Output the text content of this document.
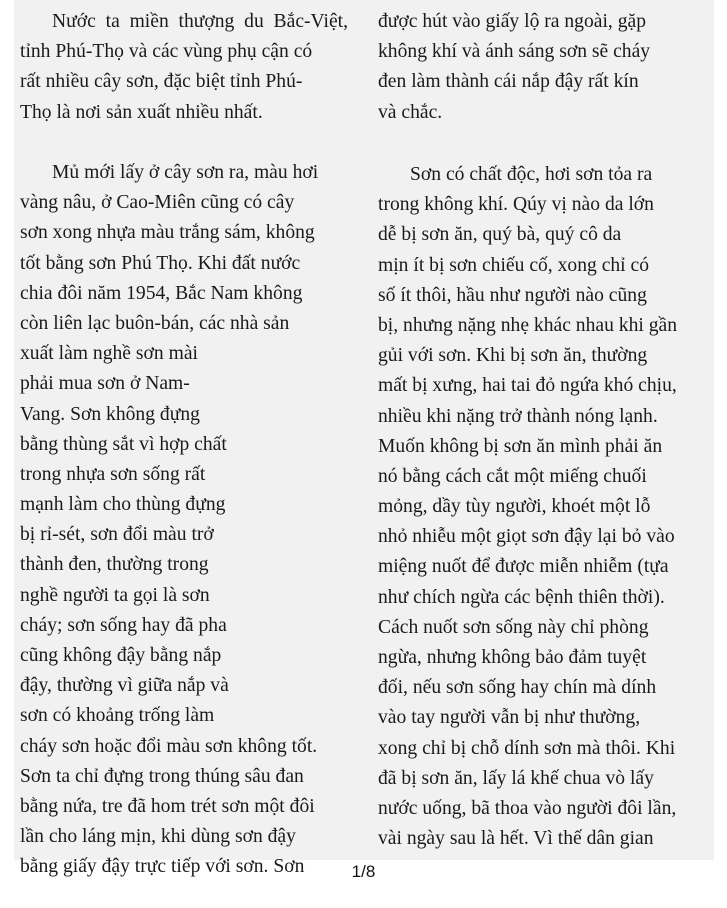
Nước ta miền thượng du Bắc-Việt,
tỉnh Phú-Thọ và các vùng phụ cận có
rất nhiều cây sơn, đặc biệt tỉnh Phú-
Thọ là nơi sản xuất nhiều nhất.
Mủ mới lấy ở cây sơn ra, màu hơi
vàng nâu, ở Cao-Miên cũng có cây
sơn xong nhựa màu trắng sám, không
tốt bằng sơn Phú Thọ. Khi đất nước
chia đôi năm 1954, Bắc Nam không
còn liên lạc buôn-bán, các nhà sản
xuất làm nghề sơn mài
phải mua sơn ở Nam-
Vang. Sơn không đựng
bằng thùng sắt vì hợp chất
trong nhựa sơn sống rất
mạnh làm cho thùng đựng
bị rỉ-sét, sơn đổi màu trở
thành đen, thường trong
nghề người ta gọi là sơn
cháy; sơn sống hay đã pha
cũng không đậy bằng nắp
đậy, thường vì giữa nắp và
sơn có khoảng trống làm
cháy sơn hoặc đổi màu sơn không tốt.
Sơn ta chỉ đựng trong thúng sâu đan
bằng nứa, tre đã hom trét sơn một đôi
lần cho láng mịn, khi dùng sơn đậy
bằng giấy đậy trực tiếp với sơn. Sơn
được hút vào giấy lộ ra ngoài, gặp
không khí và ánh sáng sơn sẽ cháy
đen làm thành cái nắp đậy rất kín
và chắc.
Sơn có chất độc, hơi sơn tỏa ra
trong không khí. Qúy vị nào da lớn
dễ bị sơn ăn, quý bà, quý cô da
mịn ít bị sơn chiếu cố, xong chỉ có
số ít thôi, hầu như người nào cũng
bị, nhưng nặng nhẹ khác nhau khi gần
gủi với sơn. Khi bị sơn ăn, thường
mất bị xưng, hai tai đỏ ngứa khó chịu,
nhiều khi nặng trở thành nóng lạnh.
Muốn không bị sơn ăn mình phải ăn
nó bằng cách cắt một miếng chuối
mỏng, dầy tùy người, khoét một lỗ
nhỏ nhiễu một giọt sơn đậy lại bỏ vào
miệng nuốt để được miễn nhiễm (tựa
như chích ngừa các bệnh thiên thời).
Cách nuốt sơn sống này chỉ phòng
ngừa, nhưng không bảo đảm tuyệt
đối, nếu sơn sống hay chín mà dính
vào tay người vẫn bị như thường,
xong chỉ bị chỗ dính sơn mà thôi. Khi
đã bị sơn ăn, lấy lá khế chua vò lấy
nước uống, bã thoa vào người đôi lần,
vài ngày sau là hết. Vì thế dân gian
1/8
